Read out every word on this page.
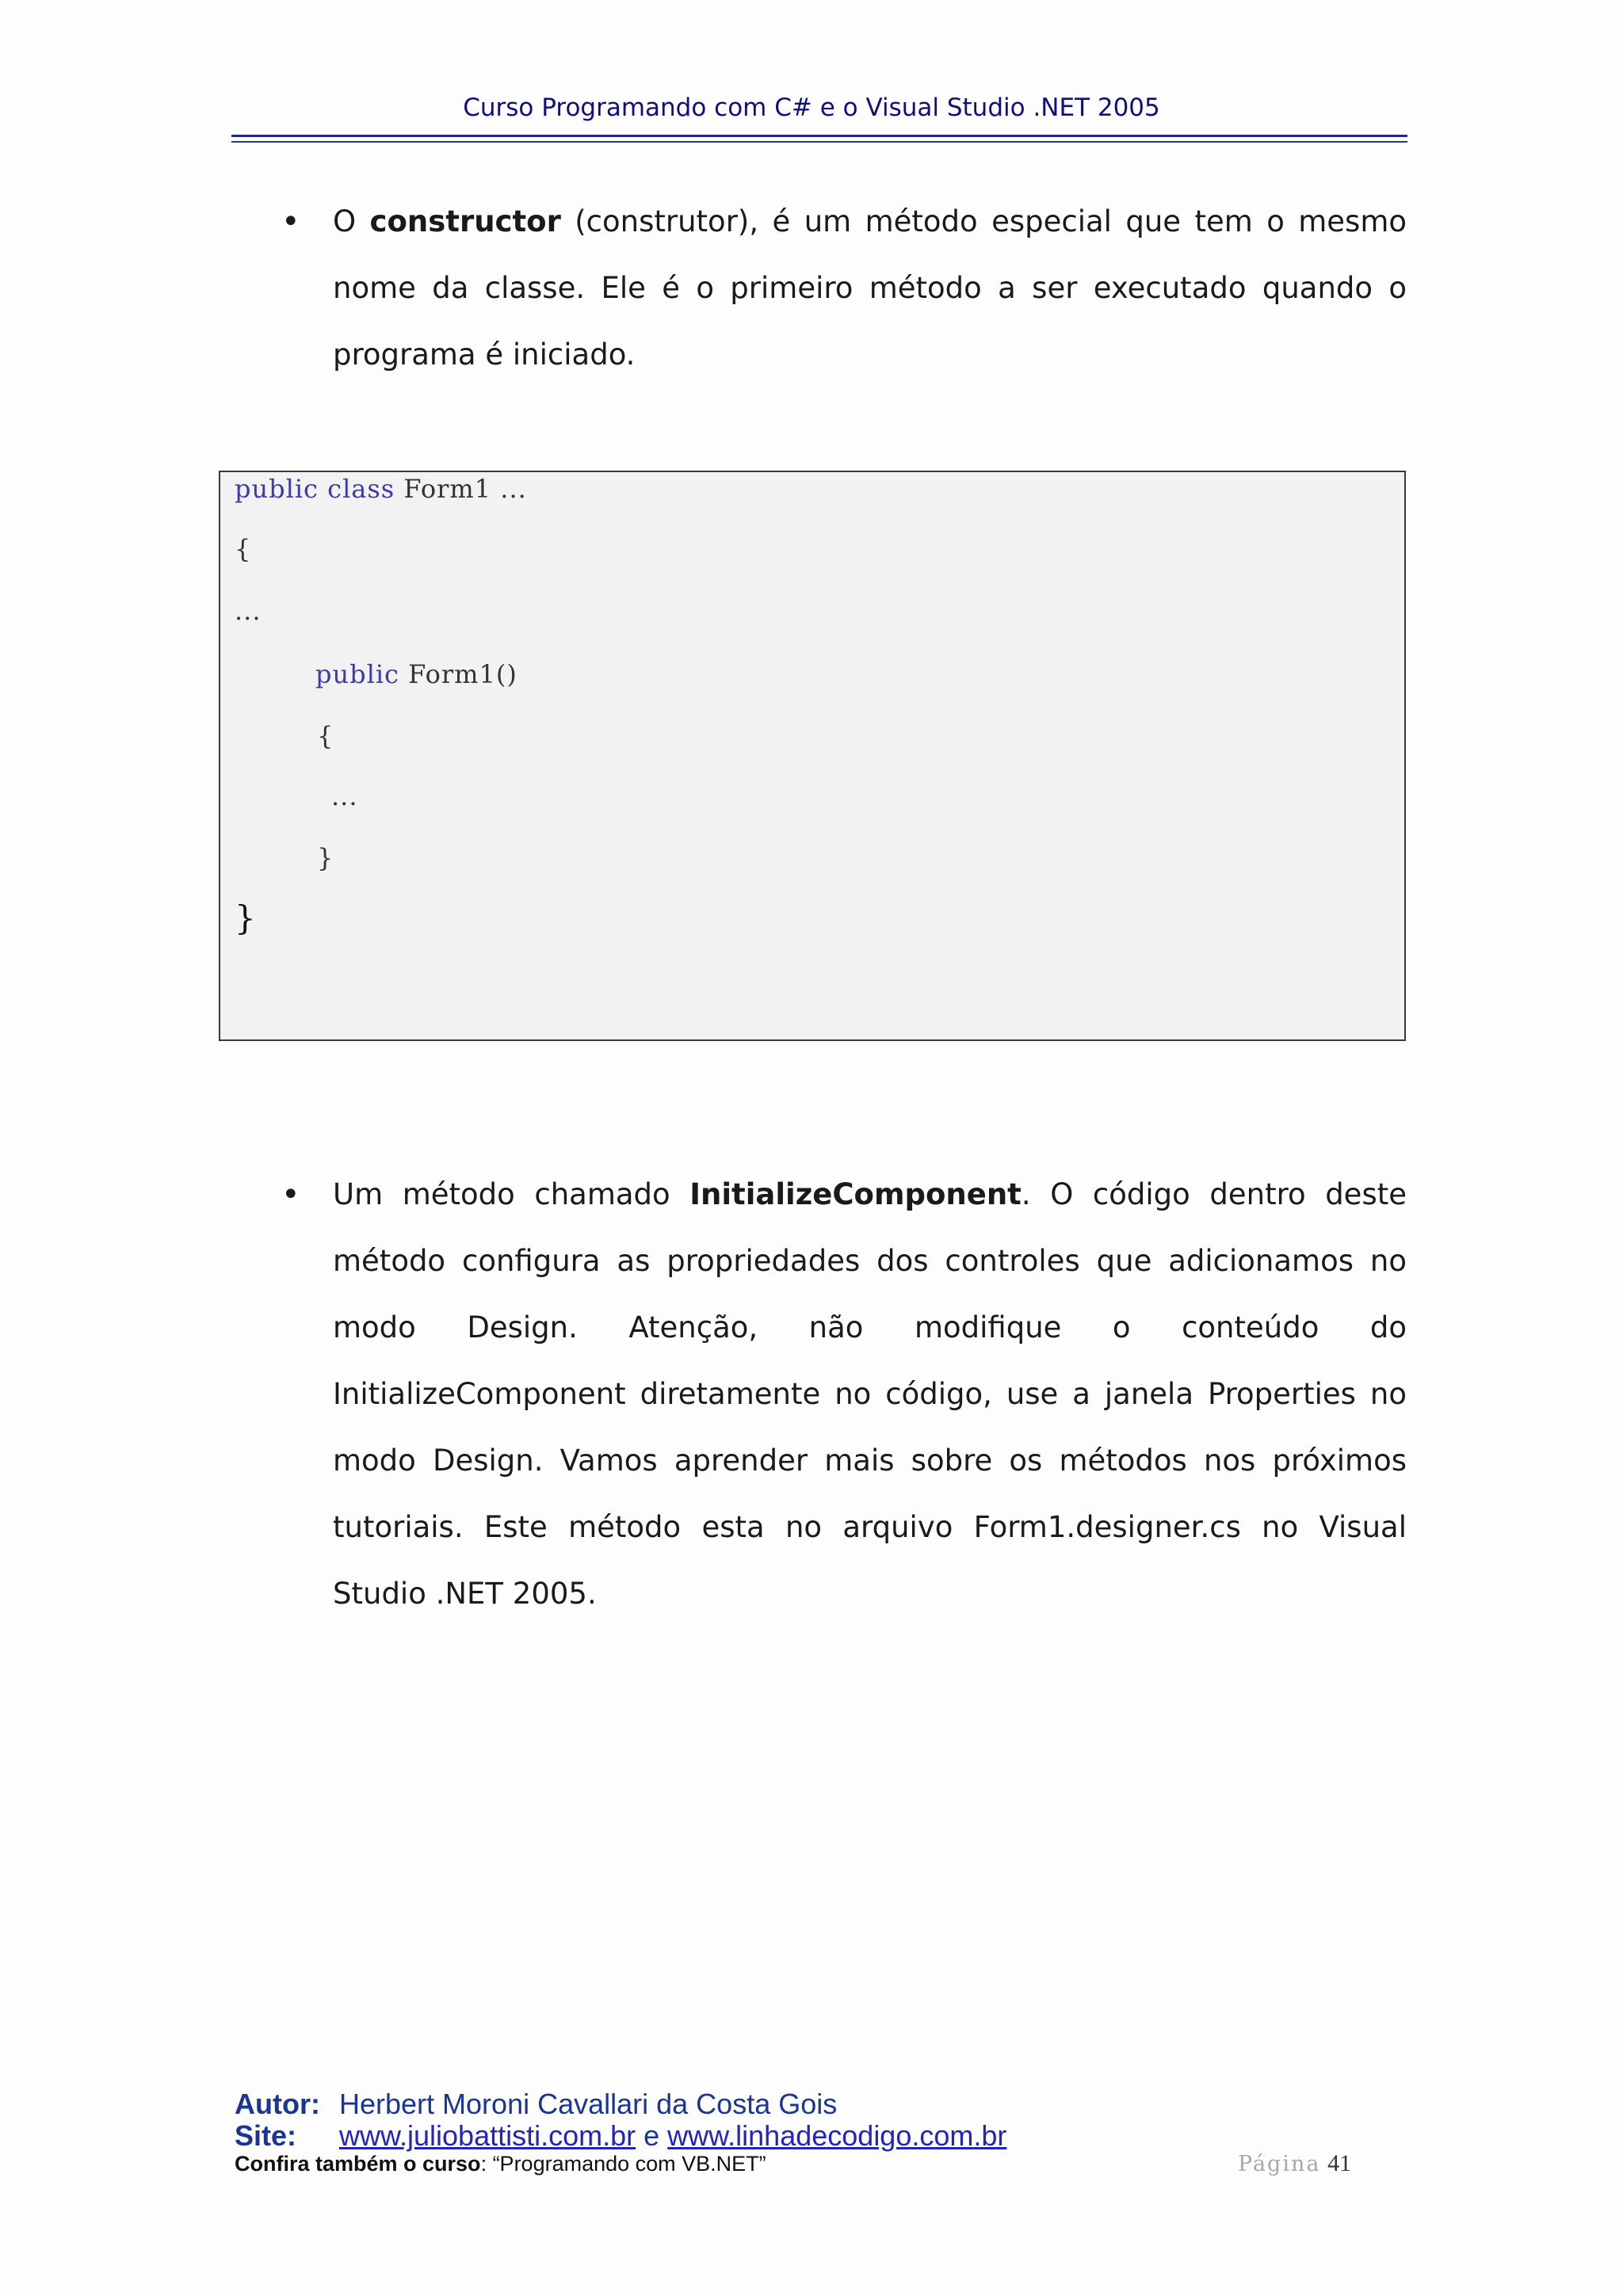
Curso Programando com C# e o Visual Studio .NET 2005
• O constructor (construtor), é um método especial que tem o mesmo nome da classe. Ele é o primeiro método a ser executado quando o programa é iniciado.
public class Form1 ...
{
...
public Form1()
{
...
}
}
• Um método chamado InitializeComponent. O código dentro deste método configura as propriedades dos controles que adicionamos no modo Design. Atenção, não modifique o conteúdo do InitializeComponent diretamente no código, use a janela Properties no modo Design. Vamos aprender mais sobre os métodos nos próximos tutoriais. Este método esta no arquivo Form1.designer.cs no Visual Studio .NET 2005.
Autor: Herbert Moroni Cavallari da Costa Gois
Site: www.juliobattisti.com.br e www.linhadecodigo.com.br
Confira também o curso: “Programando com VB.NET”	Página 41
